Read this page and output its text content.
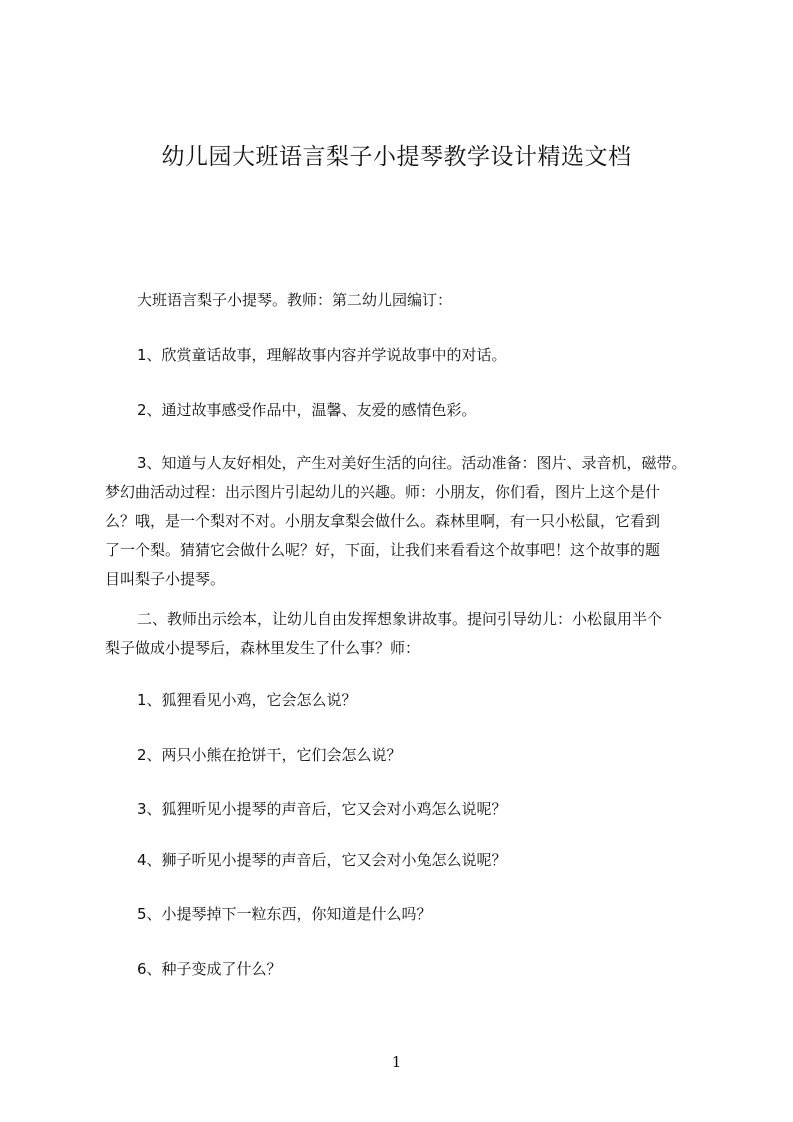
幼儿园大班语言梨子小提琴教学设计精选文档
大班语言梨子小提琴。教师：第二幼儿园编订：
1、欣赏童话故事，理解故事内容并学说故事中的对话。
2、通过故事感受作品中，温馨、友爱的感情色彩。
3、知道与人友好相处，产生对美好生活的向往。活动准备：图片、录音机，磁带。
梦幻曲活动过程：出示图片引起幼儿的兴趣。师：小朋友，你们看，图片上这个是什
么？哦，是一个梨对不对。小朋友拿梨会做什么。森林里啊，有一只小松鼠，它看到
了一个梨。猜猜它会做什么呢？好，下面，让我们来看看这个故事吧！这个故事的题
目叫梨子小提琴。
二、教师出示绘本，让幼儿自由发挥想象讲故事。提问引导幼儿：小松鼠用半个
梨子做成小提琴后，森林里发生了什么事？师：
1、狐狸看见小鸡，它会怎么说？
2、两只小熊在抢饼干，它们会怎么说？
3、狐狸听见小提琴的声音后，它又会对小鸡怎么说呢？
4、狮子听见小提琴的声音后，它又会对小兔怎么说呢？
5、小提琴掉下一粒东西，你知道是什么吗？
6、种子变成了什么？
1
